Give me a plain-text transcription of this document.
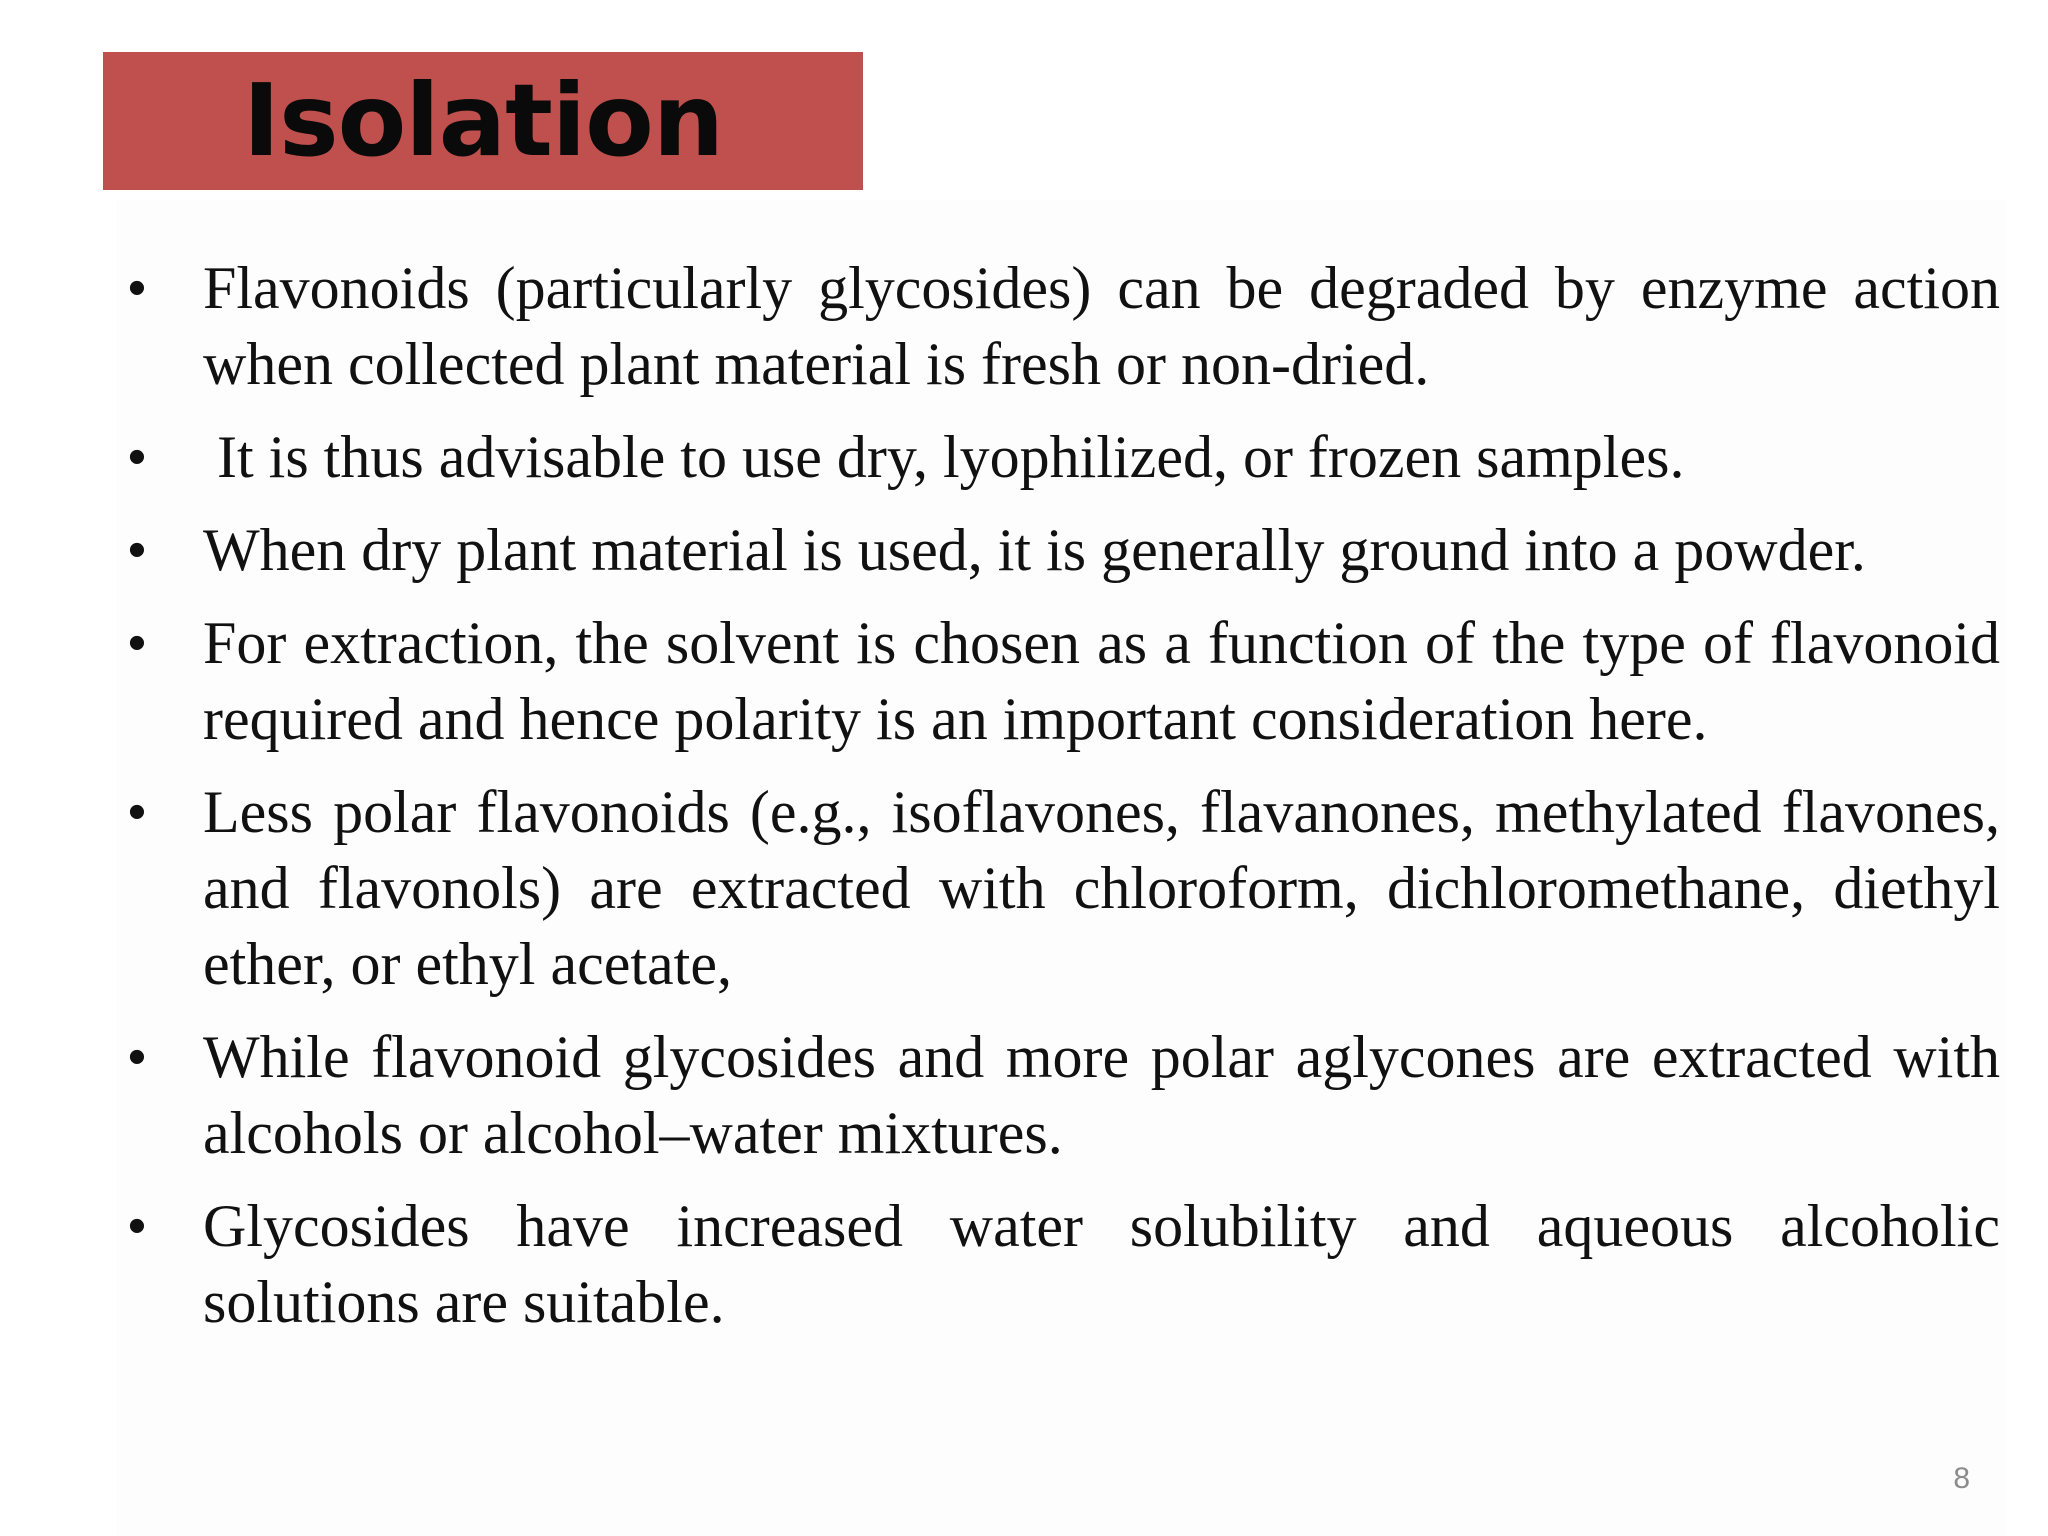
Isolation
• Flavonoids (particularly glycosides) can be degraded by enzyme action when collected plant material is fresh or non-dried.
• It is thus advisable to use dry, lyophilized, or frozen samples.
• When dry plant material is used, it is generally ground into a powder.
• For extraction, the solvent is chosen as a function of the type of flavonoid required and hence polarity is an important consideration here.
• Less polar flavonoids (e.g., isoflavones, flavanones, methylated flavones, and flavonols) are extracted with chloroform, dichloromethane, diethyl ether, or ethyl acetate,
• While flavonoid glycosides and more polar aglycones are extracted with alcohols or alcohol–water mixtures.
• Glycosides have increased water solubility and aqueous alcoholic solutions are suitable.
8
